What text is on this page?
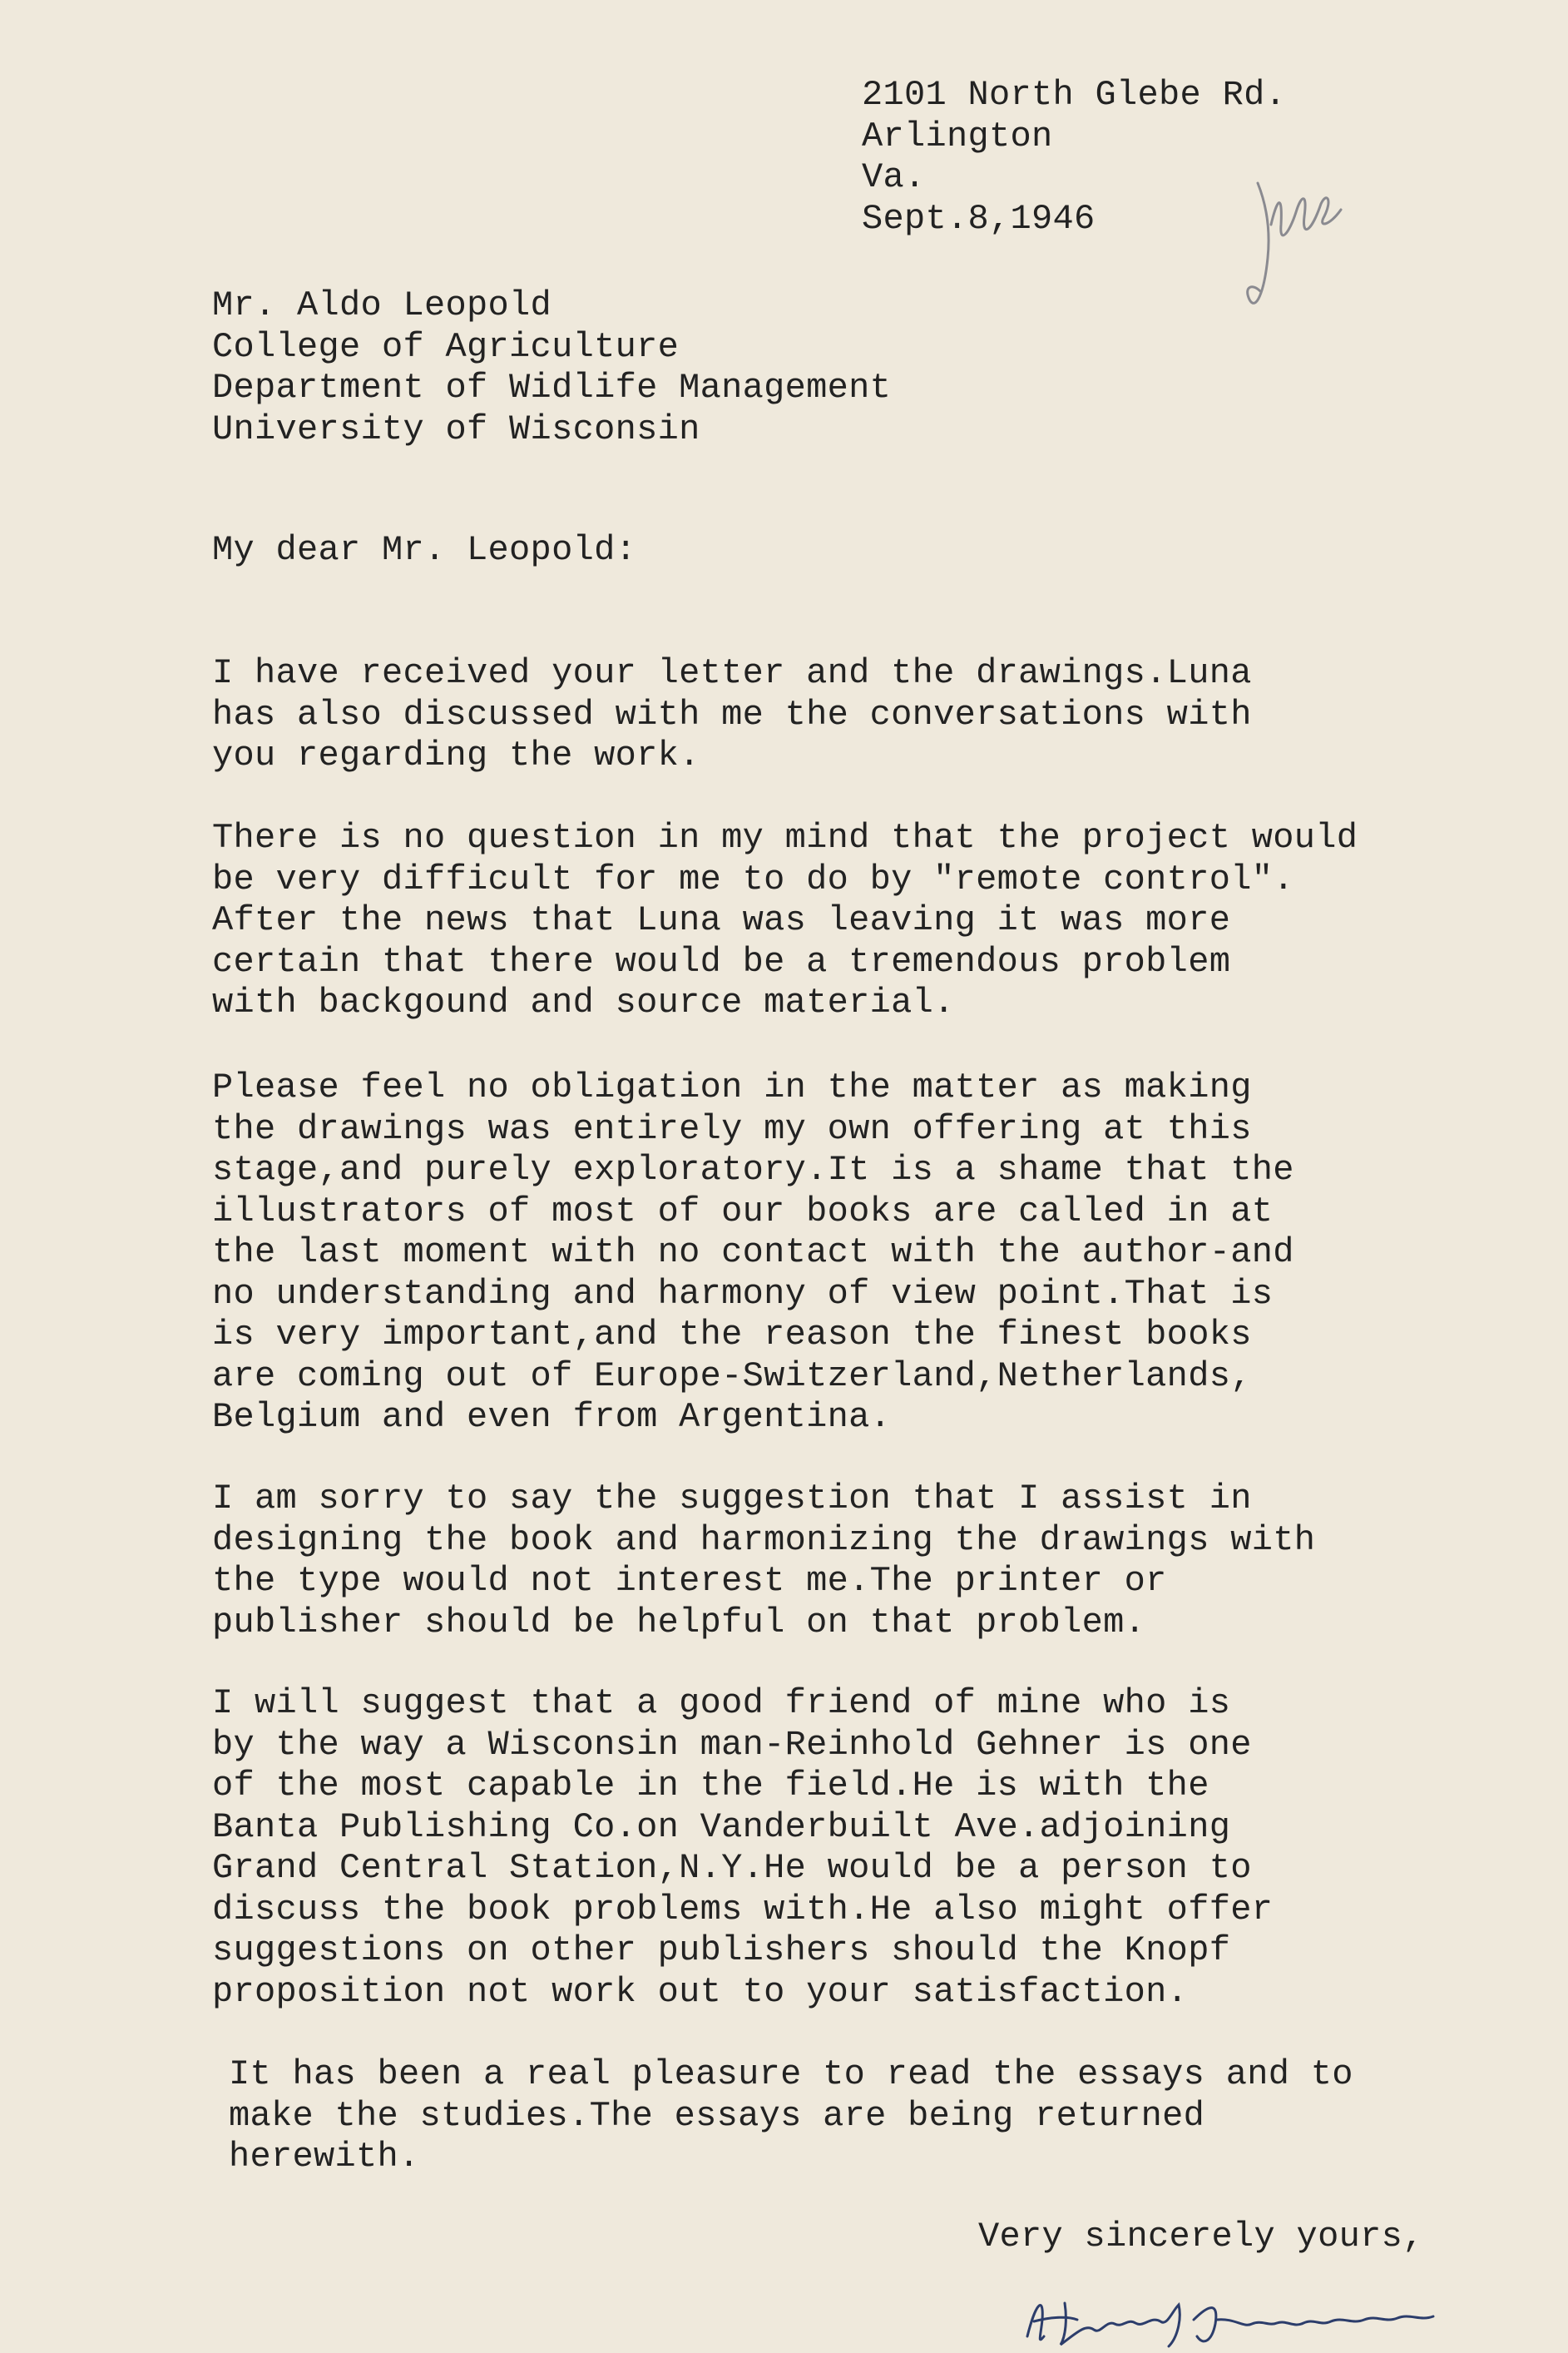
2101 North Glebe Rd.
Arlington
Va.
Sept.8,1946
Mr. Aldo Leopold
College of Agriculture
Department of Widlife Management
University of Wisconsin
My dear Mr. Leopold:
I have received your letter and the drawings.Luna
has also discussed with me the conversations with
you regarding the work.
There is no question in my mind that the project would
be very difficult for me to do by "remote control".
After the news that Luna was leaving it was more
certain that there would be a tremendous problem
with backgound and source material.
Please feel no obligation in the matter as making
the drawings was entirely my own offering at this
stage,and purely exploratory.It is a shame that the
illustrators of most of our books are called in at
the last moment with no contact with the author-and
no understanding and harmony of view point.That is
is very important,and the reason the finest books
are coming out of Europe-Switzerland,Netherlands,
Belgium and even from Argentina.
I am sorry to say the suggestion that I assist in
designing the book and harmonizing the drawings with
the type would not interest me.The printer or
publisher should be helpful on that problem.
I will suggest that a good friend of mine who is
by the way a Wisconsin man-Reinhold Gehner is one
of the most capable in the field.He is with the
Banta Publishing Co.on Vanderbuilt Ave.adjoining
Grand Central Station,N.Y.He would be a person to
discuss the book problems with.He also might offer
suggestions on other publishers should the Knopf
proposition not work out to your satisfaction.
It has been a real pleasure to read the essays and to
make the studies.The essays are being returned
herewith.
Very sincerely yours,
